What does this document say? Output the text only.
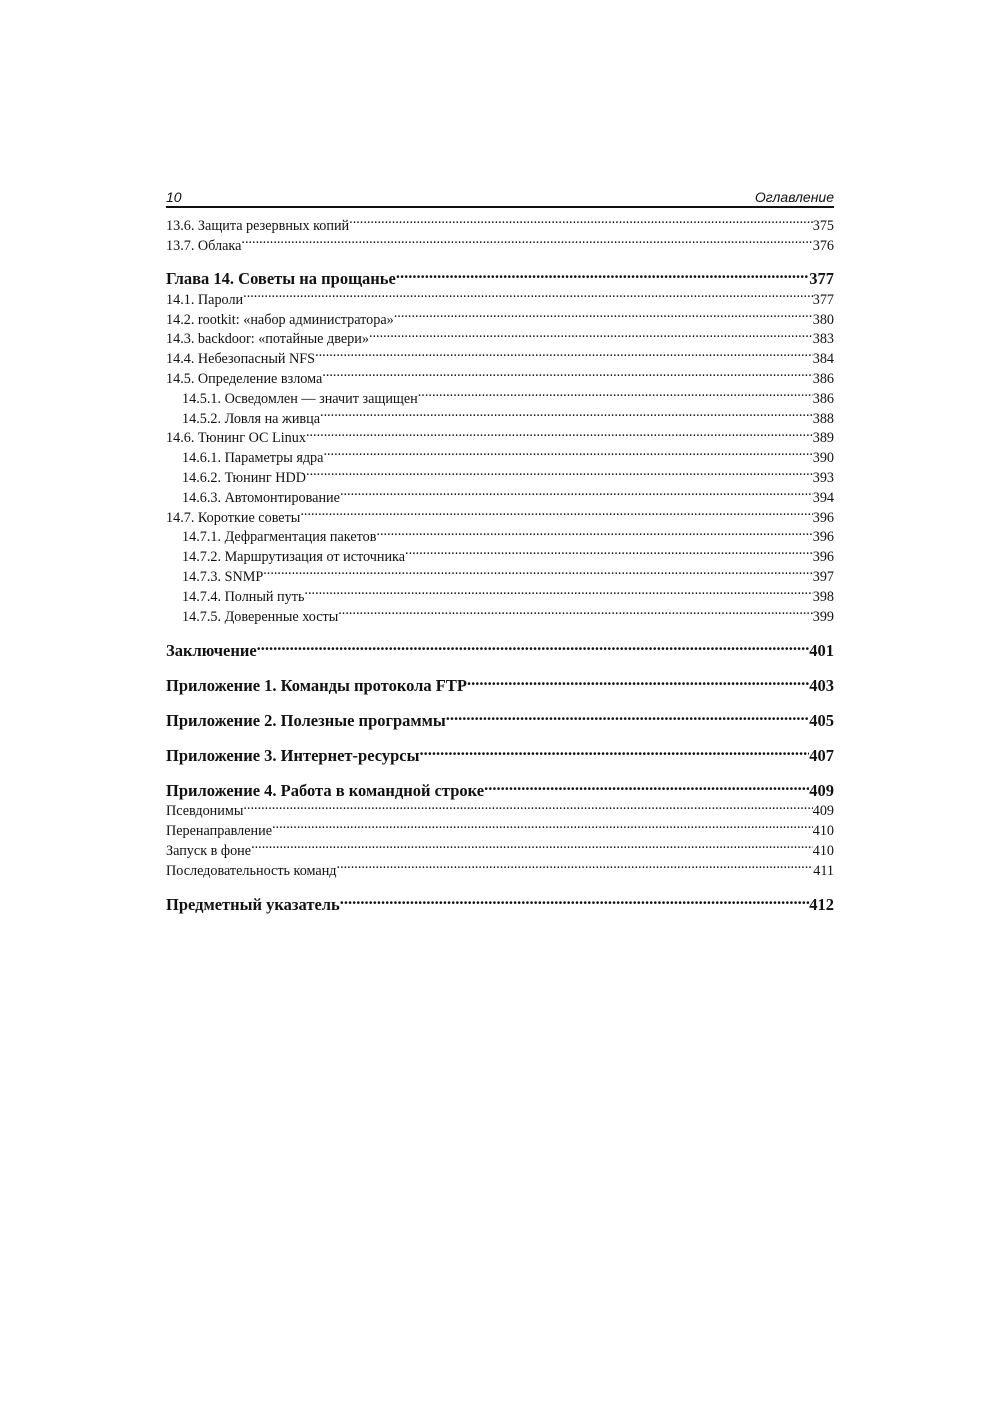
10	Оглавление
13.6. Защита резервных копий .....	375
13.7. Облака .....	376
Глава 14. Советы на прощанье .....	377
14.1. Пароли .....	377
14.2. rootkit: «набор администратора» .....	380
14.3. backdoor: «потайные двери» .....	383
14.4. Небезопасный NFS .....	384
14.5. Определение взлома .....	386
14.5.1. Осведомлен — значит защищен .....	386
14.5.2. Ловля на живца .....	388
14.6. Тюнинг ОС Linux .....	389
14.6.1. Параметры ядра .....	390
14.6.2. Тюнинг HDD .....	393
14.6.3. Автомонтирование .....	394
14.7. Короткие советы .....	396
14.7.1. Дефрагментация пакетов .....	396
14.7.2. Маршрутизация от источника .....	396
14.7.3. SNMP .....	397
14.7.4. Полный путь .....	398
14.7.5. Доверенные хосты .....	399
Заключение .....	401
Приложение 1. Команды протокола FTP .....	403
Приложение 2. Полезные программы .....	405
Приложение 3. Интернет-ресурсы .....	407
Приложение 4. Работа в командной строке .....	409
Псевдонимы .....	409
Перенаправление .....	410
Запуск в фоне .....	410
Последовательность команд .....	411
Предметный указатель .....	412
